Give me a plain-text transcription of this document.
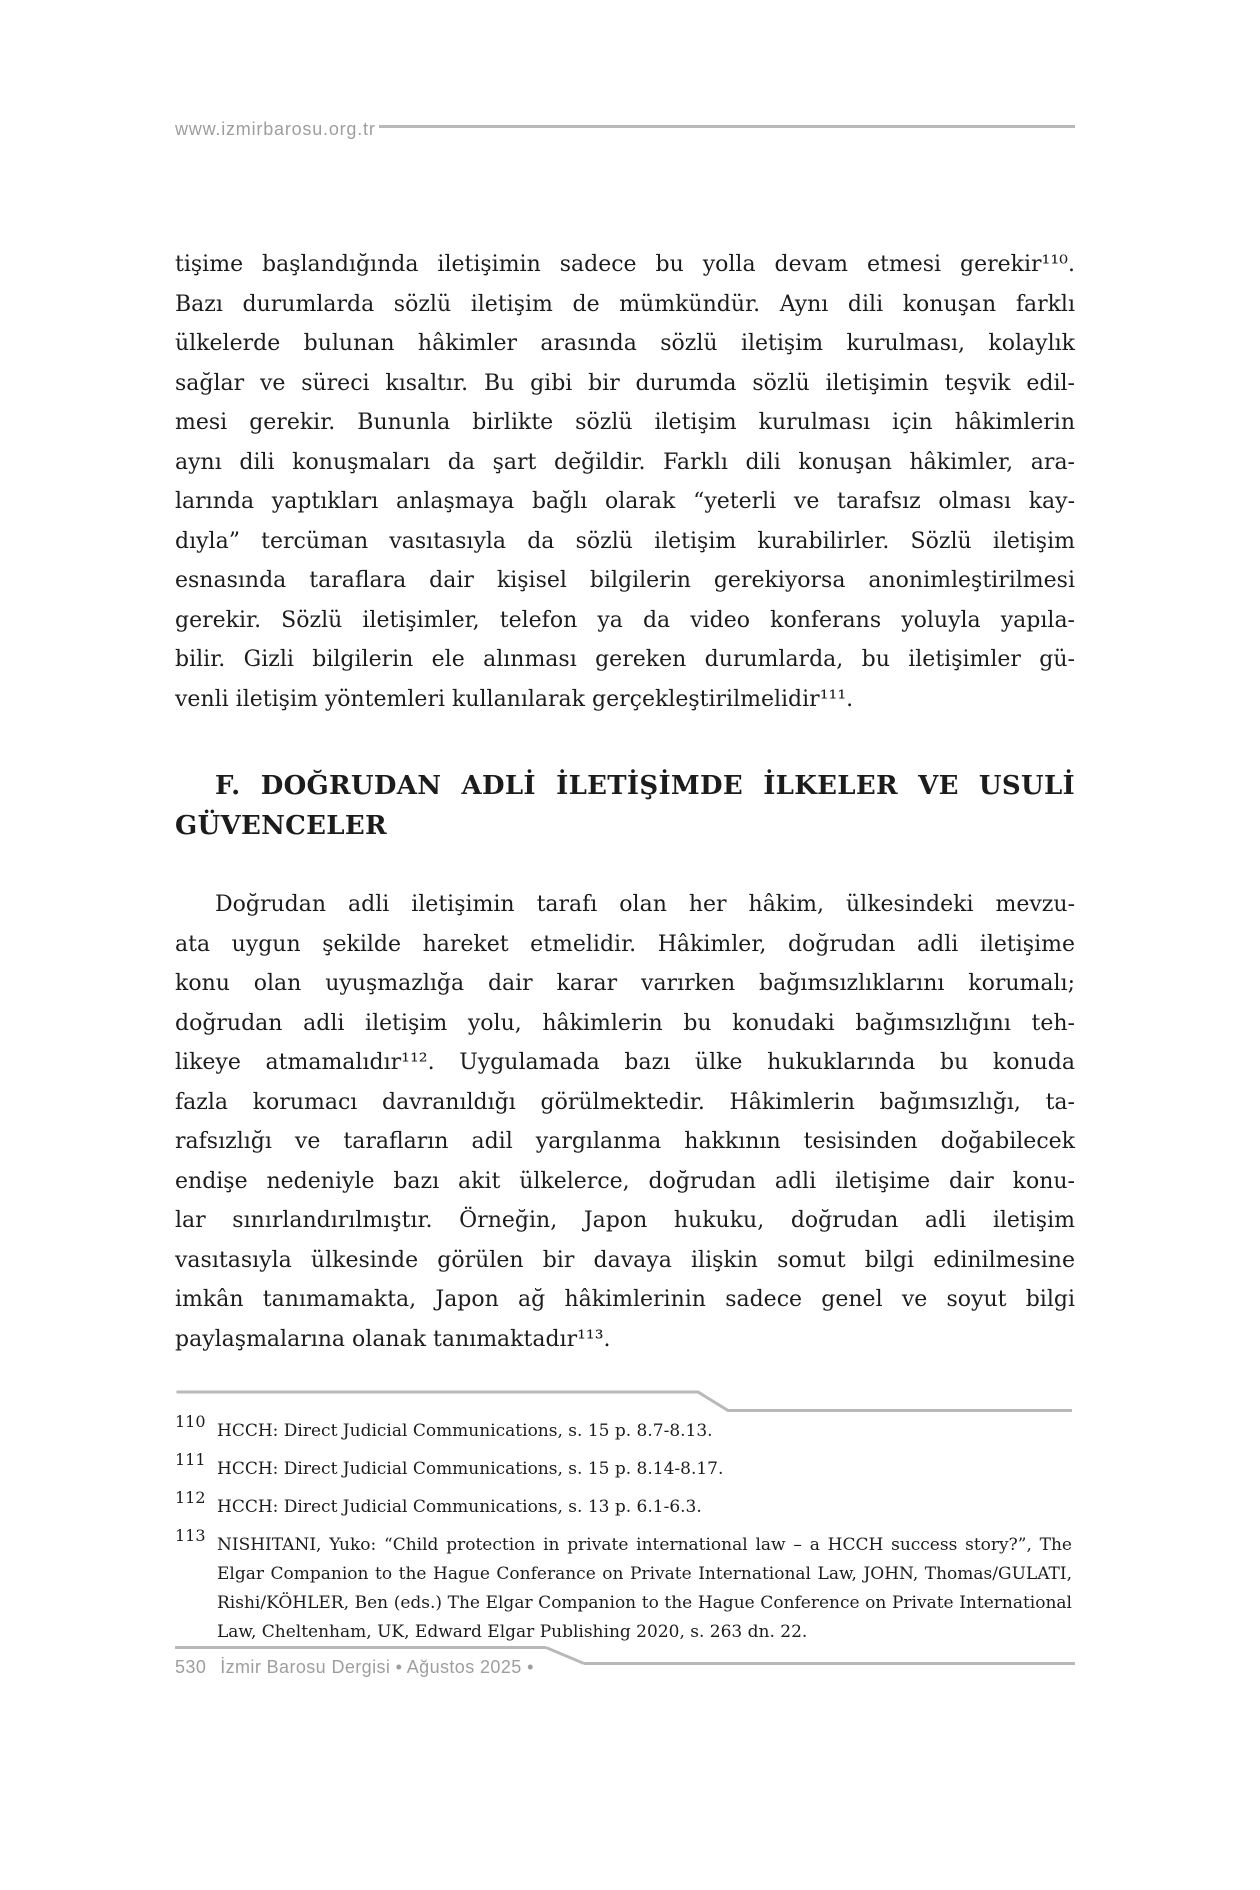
www.izmirbarosu.org.tr
tişime başlandığında iletişimin sadece bu yolla devam etmesi gerekir¹¹⁰.
Bazı durumlarda sözlü iletişim de mümkündür. Aynı dili konuşan farklı
ülkelerde bulunan hâkimler arasında sözlü iletişim kurulması, kolaylık
sağlar ve süreci kısaltır. Bu gibi bir durumda sözlü iletişimin teşvik edil-
mesi gerekir. Bununla birlikte sözlü iletişim kurulması için hâkimlerin
aynı dili konuşmaları da şart değildir. Farklı dili konuşan hâkimler, ara-
larında yaptıkları anlaşmaya bağlı olarak “yeterli ve tarafsız olması kay-
dıyla” tercüman vasıtasıyla da sözlü iletişim kurabilirler. Sözlü iletişim
esnasında taraflara dair kişisel bilgilerin gerekiyorsa anonimleştirilmesi
gerekir. Sözlü iletişimler, telefon ya da video konferans yoluyla yapıla-
bilir. Gizli bilgilerin ele alınması gereken durumlarda, bu iletişimler gü-
venli iletişim yöntemleri kullanılarak gerçekleştirilmelidir¹¹¹.
F. DOĞRUDAN ADLİ İLETİŞİMDE İLKELER VE USULİ
GÜVENCELER
Doğrudan adli iletişimin tarafı olan her hâkim, ülkesindeki mevzu-
ata uygun şekilde hareket etmelidir. Hâkimler, doğrudan adli iletişime
konu olan uyuşmazlığa dair karar varırken bağımsızlıklarını korumalı;
doğrudan adli iletişim yolu, hâkimlerin bu konudaki bağımsızlığını teh-
likeye atmamalıdır¹¹². Uygulamada bazı ülke hukuklarında bu konuda
fazla korumacı davranıldığı görülmektedir. Hâkimlerin bağımsızlığı, ta-
rafsızlığı ve tarafların adil yargılanma hakkının tesisinden doğabilecek
endişe nedeniyle bazı akit ülkelerce, doğrudan adli iletişime dair konu-
lar sınırlandırılmıştır. Örneğin, Japon hukuku, doğrudan adli iletişim
vasıtasıyla ülkesinde görülen bir davaya ilişkin somut bilgi edinilmesine
imkân tanımamakta, Japon ağ hâkimlerinin sadece genel ve soyut bilgi
paylaşmalarına olanak tanımaktadır¹¹³.
110 HCCH: Direct Judicial Communications, s. 15 p. 8.7-8.13.
111 HCCH: Direct Judicial Communications, s. 15 p. 8.14-8.17.
112 HCCH: Direct Judicial Communications, s. 13 p. 6.1-6.3.
113 NISHITANI, Yuko: “Child protection in private international law – a HCCH success story?”, The
Elgar Companion to the Hague Conferance on Private International Law, JOHN, Thomas/GULATI,
Rishi/KÖHLER, Ben (eds.) The Elgar Companion to the Hague Conference on Private International
Law, Cheltenham, UK, Edward Elgar Publishing 2020, s. 263 dn. 22.
530 İzmir Barosu Dergisi • Ağustos 2025 •
